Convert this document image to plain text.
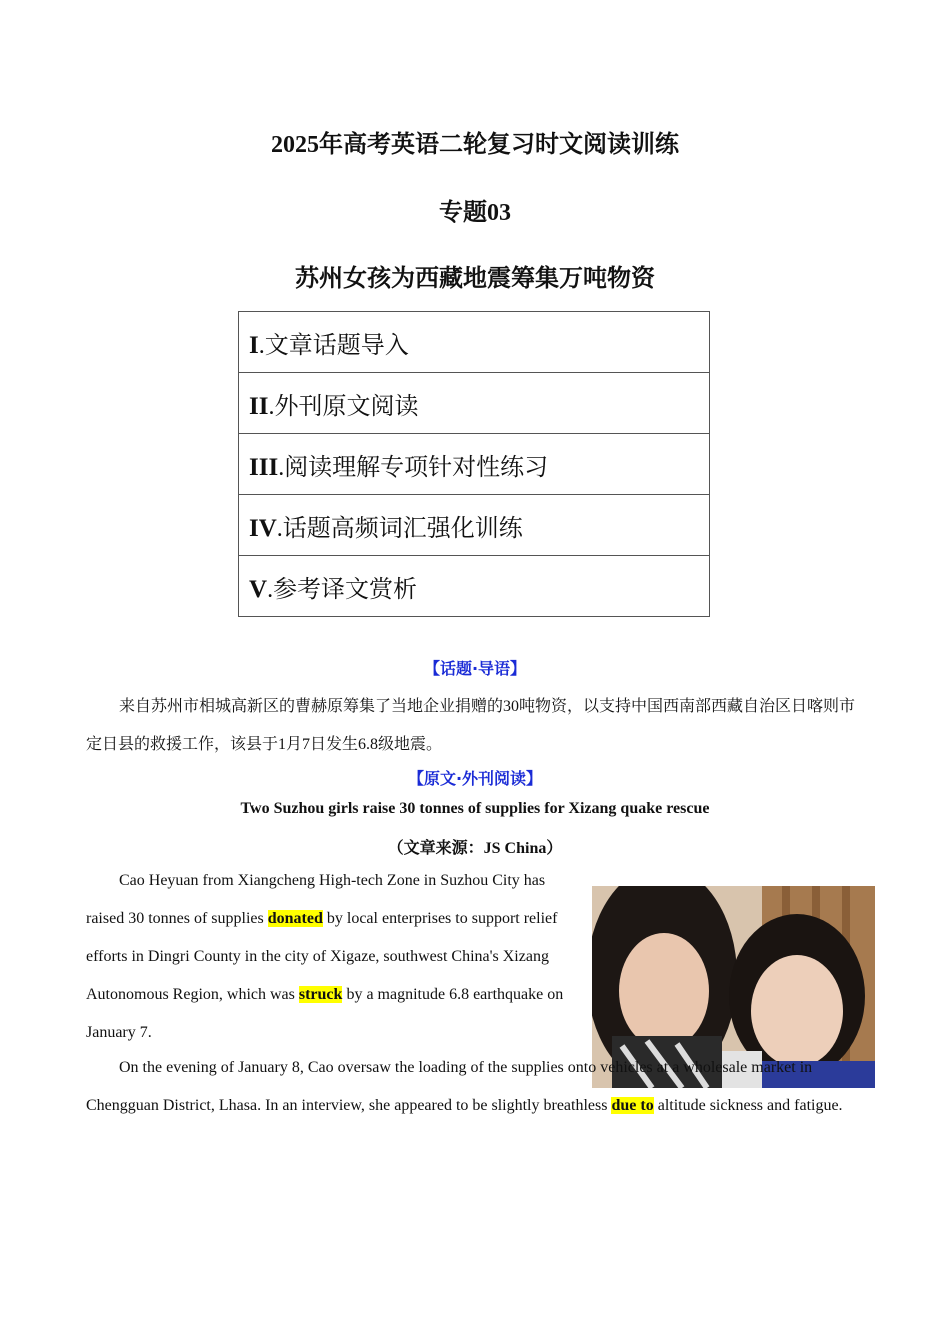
2025年高考英语二轮复习时文阅读训练
专题03
苏州女孩为西藏地震筹集万吨物资
I.文章话题导入
II.外刊原文阅读
III.阅读理解专项针对性练习
IV.话题高频词汇强化训练
V.参考译文赏析
【话题·导语】

来自苏州市相城高新区的曹赫原筹集了当地企业捐赠的30吨物资，以支持中国西南部西藏自治区日喀则市定日县的救援工作，该县于1月7日发生6.8级地震。

【原文·外刊阅读】
Two Suzhou girls raise 30 tonnes of supplies for Xizang quake rescue
（文章来源：JS China）

Cao Heyuan from Xiangcheng High-tech Zone in Suzhou City has raised 30 tonnes of supplies donated by local enterprises to support relief efforts in Dingri County in the city of Xigaze, southwest China's Xizang Autonomous Region, which was struck by a magnitude 6.8 earthquake on January 7.

On the evening of January 8, Cao oversaw the loading of the supplies onto vehicles at a wholesale market in Chengguan District, Lhasa. In an interview, she appeared to be slightly breathless due to altitude sickness and fatigue.
